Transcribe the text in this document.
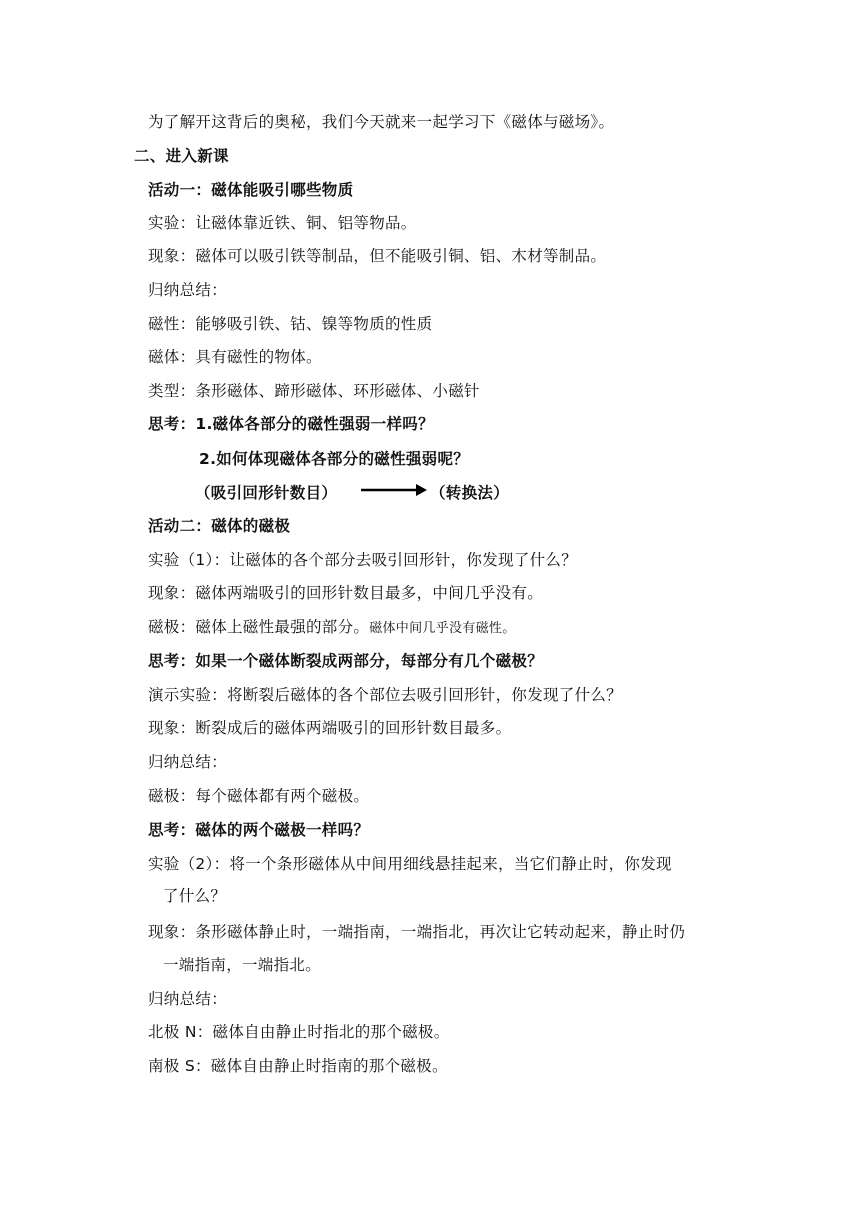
为了解开这背后的奥秘，我们今天就来一起学习下《磁体与磁场》。
二、进入新课
活动一：磁体能吸引哪些物质
实验：让磁体靠近铁、铜、铝等物品。
现象：磁体可以吸引铁等制品，但不能吸引铜、铝、木材等制品。
归纳总结：
磁性：能够吸引铁、钴、镍等物质的性质
磁体：具有磁性的物体。
类型：条形磁体、蹄形磁体、环形磁体、小磁针
思考：1.磁体各部分的磁性强弱一样吗？
2.如何体现磁体各部分的磁性强弱呢？
（吸引回形针数目）	（转换法）
活动二：磁体的磁极
实验（1）：让磁体的各个部分去吸引回形针，你发现了什么？
现象：磁体两端吸引的回形针数目最多，中间几乎没有。
磁极：磁体上磁性最强的部分。磁体中间几乎没有磁性。
思考：如果一个磁体断裂成两部分，每部分有几个磁极？
演示实验：将断裂后磁体的各个部位去吸引回形针，你发现了什么？
现象：断裂成后的磁体两端吸引的回形针数目最多。
归纳总结：
磁极：每个磁体都有两个磁极。
思考：磁体的两个磁极一样吗？
实验（2）：将一个条形磁体从中间用细线悬挂起来，当它们静止时，你发现
了什么？
现象：条形磁体静止时，一端指南，一端指北，再次让它转动起来，静止时仍
一端指南，一端指北。
归纳总结：
北极 N：磁体自由静止时指北的那个磁极。
南极 S：磁体自由静止时指南的那个磁极。
